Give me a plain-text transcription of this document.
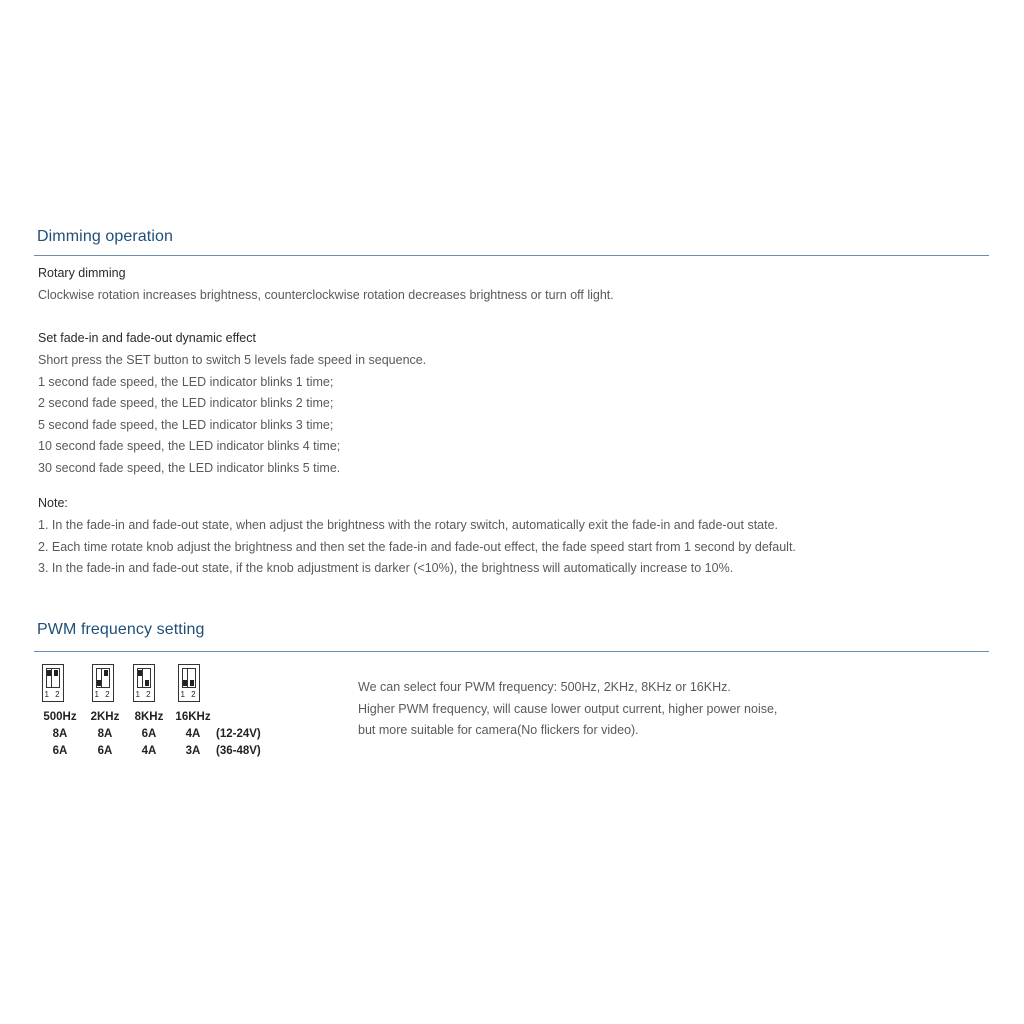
Dimming operation
Rotary dimming
Clockwise rotation increases brightness, counterclockwise rotation decreases brightness or turn off light.
Set fade-in and fade-out dynamic effect
Short press the SET button to switch 5 levels fade speed in sequence.
1 second fade speed, the LED indicator blinks 1 time;
2 second fade speed, the LED indicator blinks 2 time;
5 second fade speed, the LED indicator blinks 3 time;
10 second fade speed, the LED indicator blinks 4 time;
30 second fade speed, the LED indicator blinks 5 time.
Note:
1. In the fade-in and fade-out state, when adjust the brightness with the rotary switch, automatically exit the fade-in and fade-out state.
2. Each time rotate knob adjust the brightness and then set the fade-in and fade-out effect, the fade speed start from 1 second by default.
3. In the fade-in and fade-out state, if the knob adjustment is darker (<10%), the brightness will automatically increase to 10%.
PWM frequency setting
1 2	1 2	1 2	1 2
500Hz	2KHz	8KHz	16KHz	
8A	8A	6A	4A	(12-24V)
6A	6A	4A	3A	(36-48V)
We can select four PWM frequency: 500Hz, 2KHz, 8KHz or 16KHz.
Higher PWM frequency, will cause lower output current, higher power noise,
but more suitable for camera(No flickers for video).
